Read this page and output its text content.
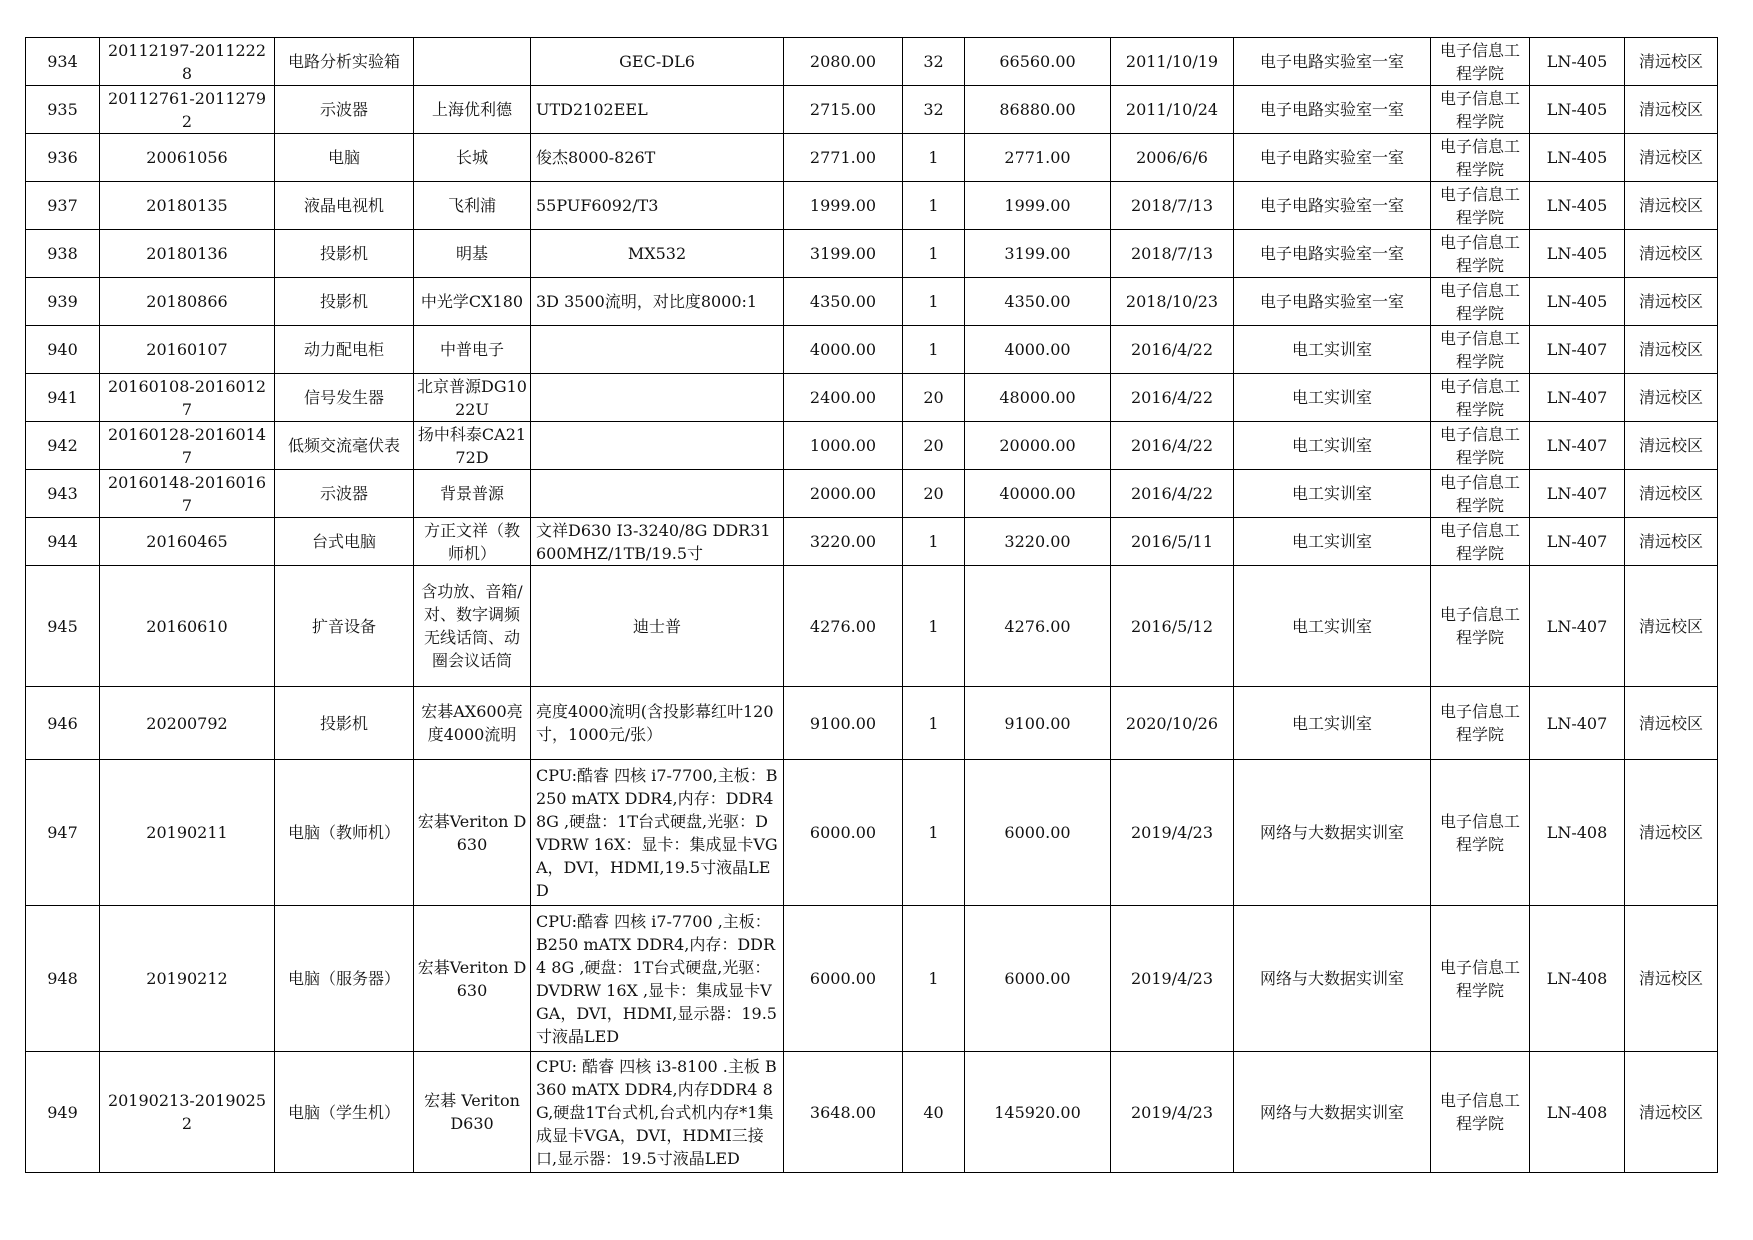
934	20112197-20112228	电路分析实验箱		GEC-DL6	2080.00	32	66560.00	2011/10/19	电子电路实验室一室	电子信息工程学院	LN-405	清远校区
935	20112761-20112792	示波器	上海优利德	UTD2102EEL	2715.00	32	86880.00	2011/10/24	电子电路实验室一室	电子信息工程学院	LN-405	清远校区
936	20061056	电脑	长城	俊杰8000-826T	2771.00	1	2771.00	2006/6/6	电子电路实验室一室	电子信息工程学院	LN-405	清远校区
937	20180135	液晶电视机	飞利浦	55PUF6092/T3	1999.00	1	1999.00	2018/7/13	电子电路实验室一室	电子信息工程学院	LN-405	清远校区
938	20180136	投影机	明基	MX532	3199.00	1	3199.00	2018/7/13	电子电路实验室一室	电子信息工程学院	LN-405	清远校区
939	20180866	投影机	中光学CX180	3D 3500流明，对比度8000:1	4350.00	1	4350.00	2018/10/23	电子电路实验室一室	电子信息工程学院	LN-405	清远校区
940	20160107	动力配电柜	中普电子		4000.00	1	4000.00	2016/4/22	电工实训室	电子信息工程学院	LN-407	清远校区
941	20160108-20160127	信号发生器	北京普源DG1022U		2400.00	20	48000.00	2016/4/22	电工实训室	电子信息工程学院	LN-407	清远校区
942	20160128-20160147	低频交流毫伏表	扬中科泰CA2172D		1000.00	20	20000.00	2016/4/22	电工实训室	电子信息工程学院	LN-407	清远校区
943	20160148-20160167	示波器	背景普源		2000.00	20	40000.00	2016/4/22	电工实训室	电子信息工程学院	LN-407	清远校区
944	20160465	台式电脑	方正文祥（教师机）	文祥D630 I3-3240/8G DDR31600MHZ/1TB/19.5寸	3220.00	1	3220.00	2016/5/11	电工实训室	电子信息工程学院	LN-407	清远校区
945	20160610	扩音设备	含功放、音箱/对、数字调频无线话筒、动圈会议话筒	迪士普	4276.00	1	4276.00	2016/5/12	电工实训室	电子信息工程学院	LN-407	清远校区
946	20200792	投影机	宏碁AX600亮度4000流明	亮度4000流明(含投影幕红叶120寸，1000元/张）	9100.00	1	9100.00	2020/10/26	电工实训室	电子信息工程学院	LN-407	清远校区
947	20190211	电脑（教师机）	宏碁Veriton D630	CPU:酷睿 四核 i7-7700,主板：B250 mATX DDR4,内存：DDR4 8G ,硬盘：1T台式硬盘,光驱：DVDRW 16X：显卡：集成显卡VGA，DVI，HDMI,19.5寸液晶LED	6000.00	1	6000.00	2019/4/23	网络与大数据实训室	电子信息工程学院	LN-408	清远校区
948	20190212	电脑（服务器）	宏碁Veriton D630	CPU:酷睿 四核 i7-7700 ,主板：B250 mATX DDR4,内存：DDR4 8G ,硬盘：1T台式硬盘,光驱：DVDRW 16X ,显卡：集成显卡VGA，DVI，HDMI,显示器：19.5寸液晶LED	6000.00	1	6000.00	2019/4/23	网络与大数据实训室	电子信息工程学院	LN-408	清远校区
949	20190213-20190252	电脑（学生机）	宏碁 Veriton D630	CPU: 酷睿 四核 i3-8100 .主板 B360 mATX DDR4,内存DDR4 8G,硬盘1T台式机,台式机内存*1集成显卡VGA，DVI，HDMI三接口,显示器：19.5寸液晶LED	3648.00	40	145920.00	2019/4/23	网络与大数据实训室	电子信息工程学院	LN-408	清远校区
